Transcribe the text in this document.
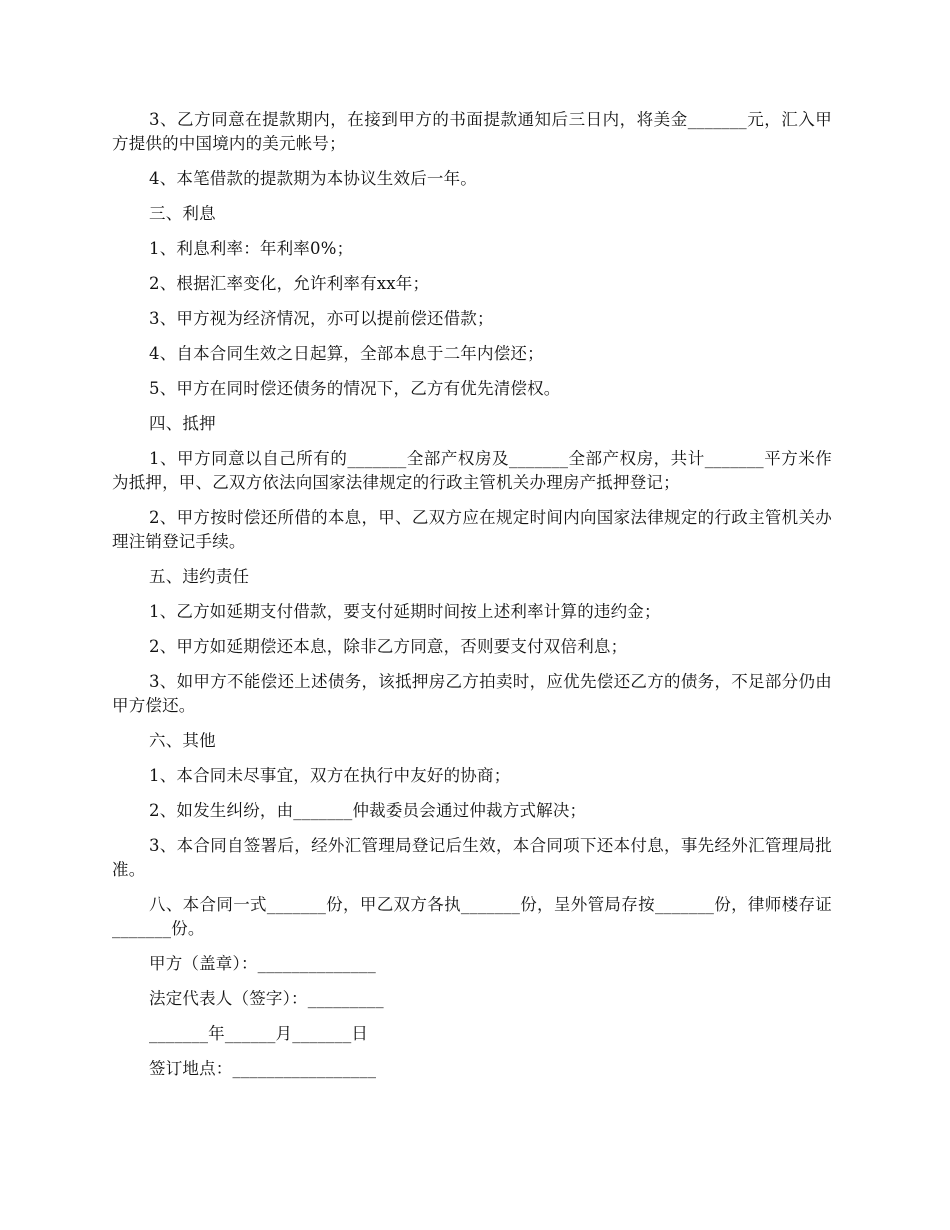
3、乙方同意在提款期内，在接到甲方的书面提款通知后三日内，将美金_______元，汇入甲方提供的中国境内的美元帐号；

4、本笔借款的提款期为本协议生效后一年。

三、利息

1、利息利率：年利率0%；

2、根据汇率变化，允许利率有xx年；

3、甲方视为经济情况，亦可以提前偿还借款；

4、自本合同生效之日起算，全部本息于二年内偿还；

5、甲方在同时偿还债务的情况下，乙方有优先清偿权。

四、抵押

1、甲方同意以自己所有的_______全部产权房及_______全部产权房，共计_______平方米作为抵押，甲、乙双方依法向国家法律规定的行政主管机关办理房产抵押登记；

2、甲方按时偿还所借的本息，甲、乙双方应在规定时间内向国家法律规定的行政主管机关办理注销登记手续。

五、违约责任

1、乙方如延期支付借款，要支付延期时间按上述利率计算的违约金；

2、甲方如延期偿还本息，除非乙方同意，否则要支付双倍利息；

3、如甲方不能偿还上述债务，该抵押房乙方拍卖时，应优先偿还乙方的债务，不足部分仍由甲方偿还。

六、其他

1、本合同未尽事宜，双方在执行中友好的协商；

2、如发生纠纷，由_______仲裁委员会通过仲裁方式解决；

3、本合同自签署后，经外汇管理局登记后生效，本合同项下还本付息，事先经外汇管理局批准。

八、本合同一式_______份，甲乙双方各执_______份，呈外管局存按_______份，律师楼存证_______份。

甲方（盖章）：______________
法定代表人（签字）：_________
_______年______月_______日
签订地点：_________________
